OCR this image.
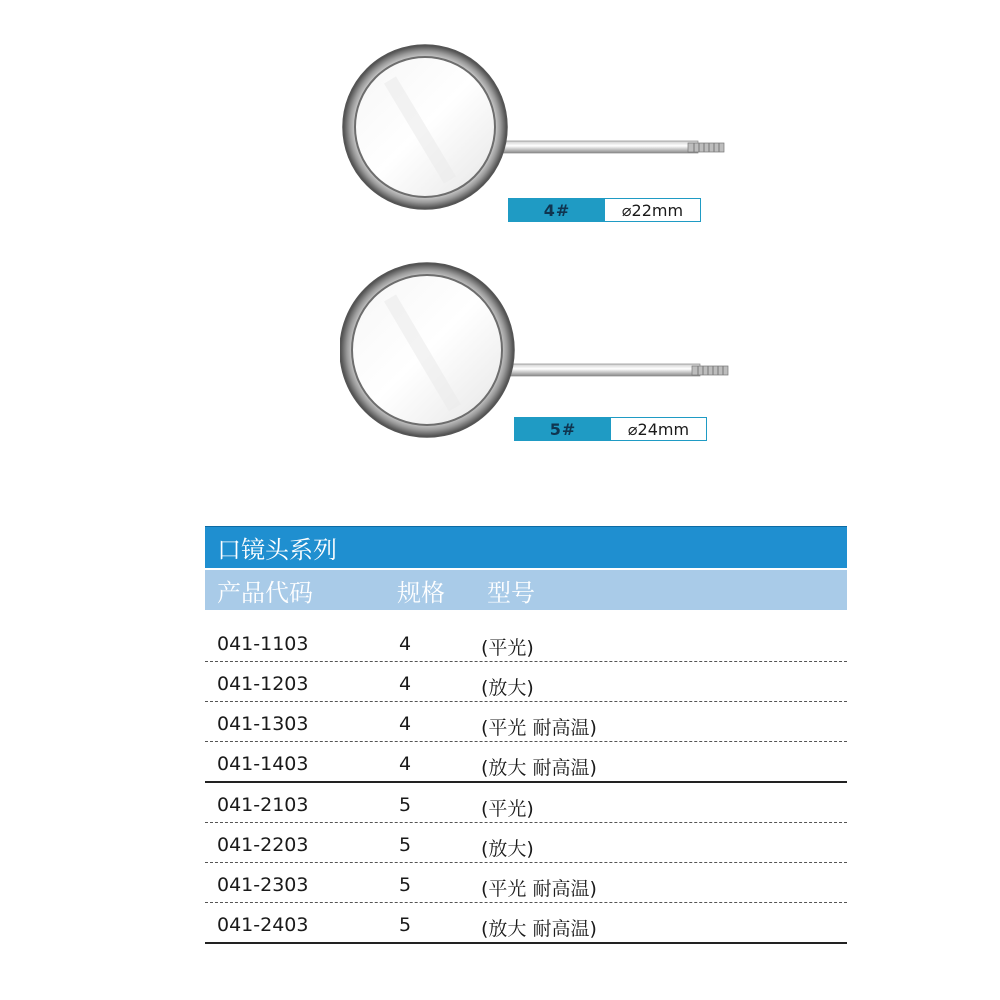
4#	⌀22mm
5#	⌀24mm
口镜头系列
产品代码	规格 型号
041-1103	4	(平光)
041-1203	4	(放大)
041-1303	4	(平光 耐高温)
041-1403	4	(放大 耐高温)
041-2103	5	(平光)
041-2203	5	(放大)
041-2303	5	(平光 耐高温)
041-2403	5	(放大 耐高温)
